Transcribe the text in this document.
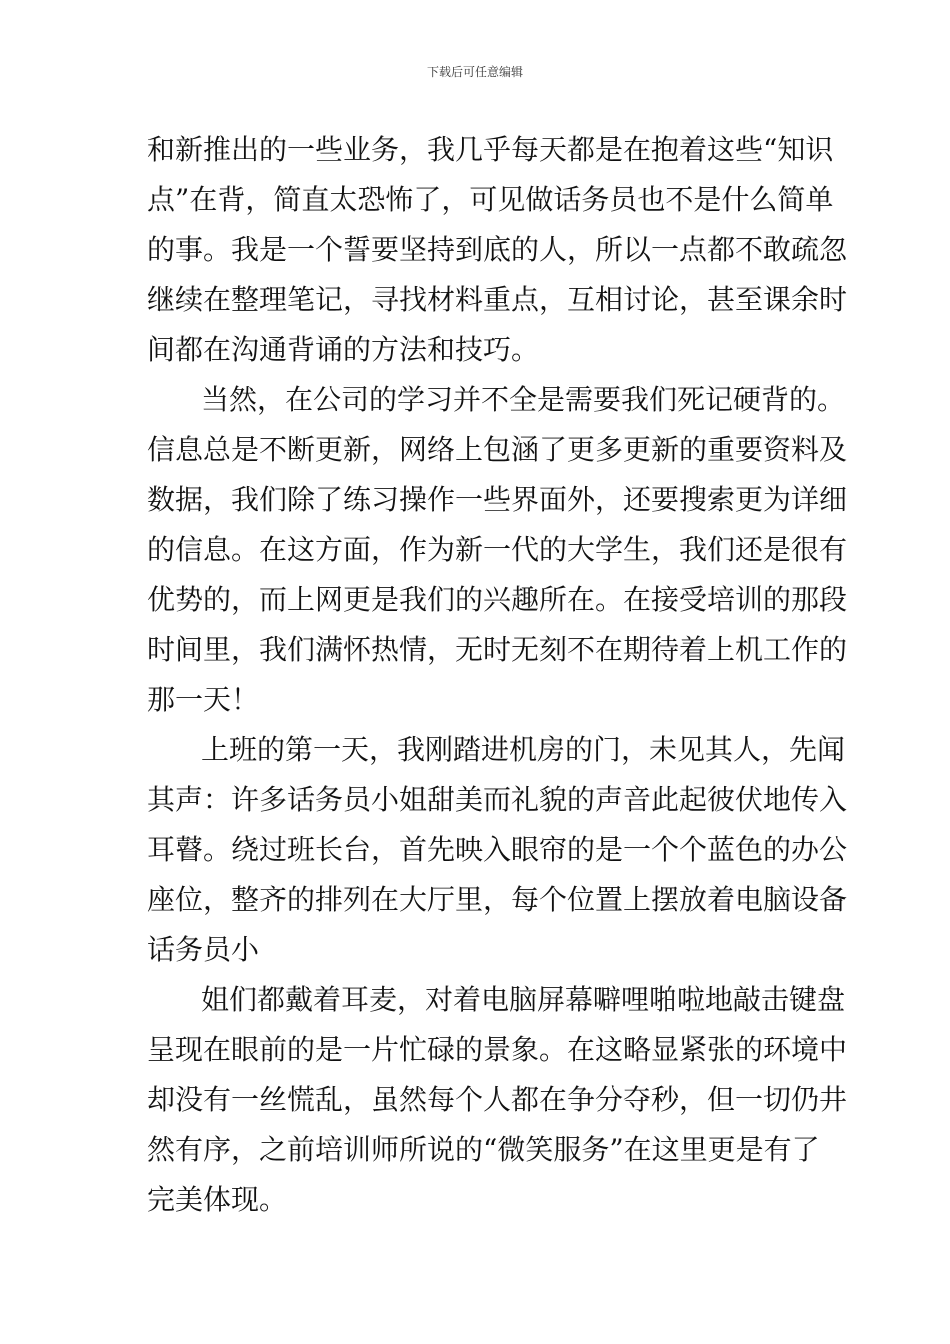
下载后可任意编辑
和新推出的一些业务，我几乎每天都是在抱着这些“知识
点”在背，简直太恐怖了，可见做话务员也不是什么简单
的事。我是一个誓要坚持到底的人，所以一点都不敢疏忽
继续在整理笔记，寻找材料重点，互相讨论，甚至课余时
间都在沟通背诵的方法和技巧。
当然，在公司的学习并不全是需要我们死记硬背的。
信息总是不断更新，网络上包涵了更多更新的重要资料及
数据，我们除了练习操作一些界面外，还要搜索更为详细
的信息。在这方面，作为新一代的大学生，我们还是很有
优势的，而上网更是我们的兴趣所在。在接受培训的那段
时间里，我们满怀热情，无时无刻不在期待着上机工作的
那一天！
上班的第一天，我刚踏进机房的门，未见其人，先闻
其声：许多话务员小姐甜美而礼貌的声音此起彼伏地传入
耳瞽。绕过班长台，首先映入眼帘的是一个个蓝色的办公
座位，整齐的排列在大厅里，每个位置上摆放着电脑设备
话务员小
姐们都戴着耳麦，对着电脑屏幕噼哩啪啦地敲击键盘
呈现在眼前的是一片忙碌的景象。在这略显紧张的环境中
却没有一丝慌乱，虽然每个人都在争分夺秒，但一切仍井
然有序，之前培训师所说的“微笑服务”在这里更是有了
完美体现。
